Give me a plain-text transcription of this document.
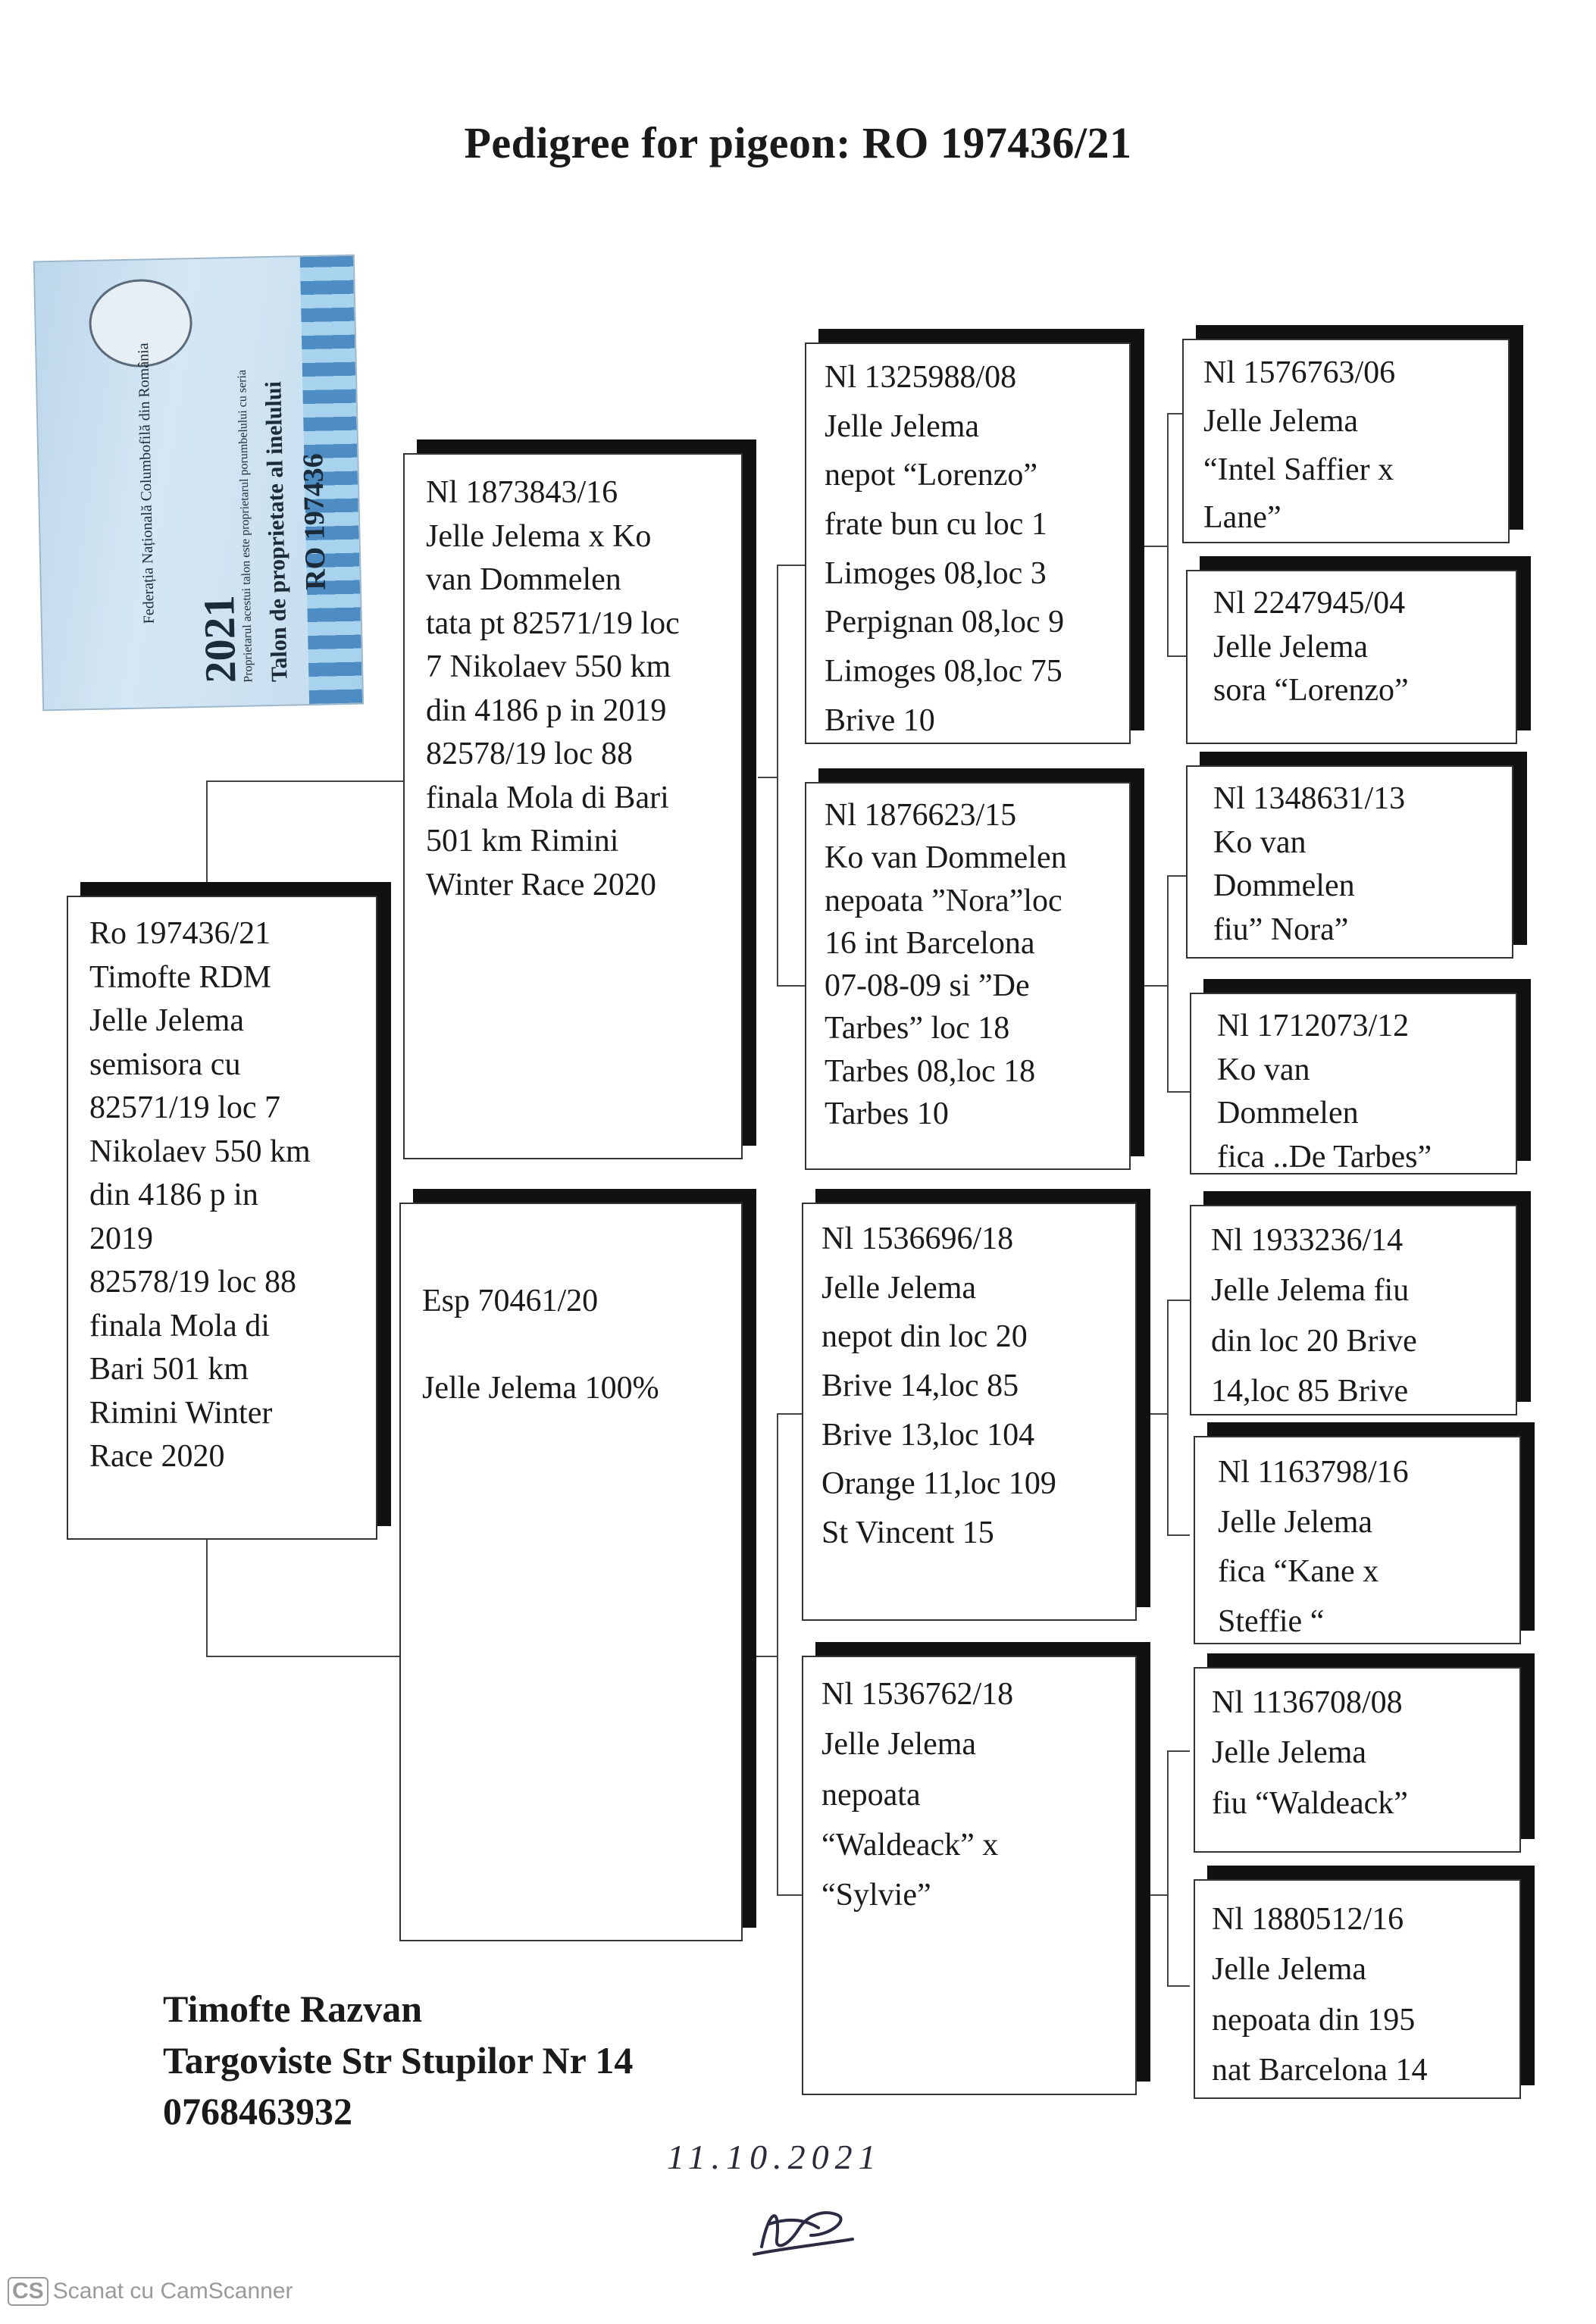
Pedigree for pigeon: RO 197436/21
2021 Talon de proprietate al inelului RO 197436
Federația Națională Columbofilă din România	Proprietarul acestui talon este proprietarul porumbelului cu seria
Ro 197436/21
Timofte RDM
Jelle Jelema
semisora cu
82571/19 loc 7
Nikolaev 550 km
din 4186 p in
2019
82578/19 loc 88
finala Mola di
Bari 501 km
Rimini Winter
Race 2020
Nl 1873843/16
Jelle Jelema x Ko
van Dommelen
tata pt 82571/19 loc
7 Nikolaev 550 km
din 4186 p in 2019
82578/19 loc 88
finala Mola di Bari
501 km Rimini
Winter Race 2020
Esp 70461/20

Jelle Jelema 100%
Nl 1325988/08
Jelle Jelema
nepot “Lorenzo”
frate bun cu loc 1
Limoges 08,loc 3
Perpignan 08,loc 9
Limoges 08,loc 75
Brive 10
Nl 1876623/15
Ko van Dommelen
nepoata ”Nora”loc
16 int Barcelona
07-08-09 si ”De
Tarbes” loc 18
Tarbes 08,loc 18
Tarbes 10
Nl 1536696/18
Jelle Jelema
nepot din loc 20
Brive 14,loc 85
Brive 13,loc 104
Orange 11,loc 109
St Vincent 15
Nl 1536762/18
Jelle Jelema
nepoata
“Waldeack” x
“Sylvie”
Nl 1576763/06
Jelle Jelema
“Intel Saffier x
Lane”
Nl 2247945/04
Jelle Jelema
sora “Lorenzo”
Nl 1348631/13
Ko van
Dommelen
fiu” Nora”
Nl 1712073/12
Ko van
Dommelen
fica ..De Tarbes”
Nl 1933236/14
Jelle Jelema fiu
din loc 20 Brive
14,loc 85 Brive
Nl 1163798/16
Jelle Jelema
fica “Kane x
Steffie “
Nl 1136708/08
Jelle Jelema
fiu “Waldeack”
Nl 1880512/16
Jelle Jelema
nepoata din 195
nat Barcelona 14
Timofte Razvan
Targoviste Str Stupilor Nr 14
0768463932
11.10.2021
CS Scanat cu CamScanner
